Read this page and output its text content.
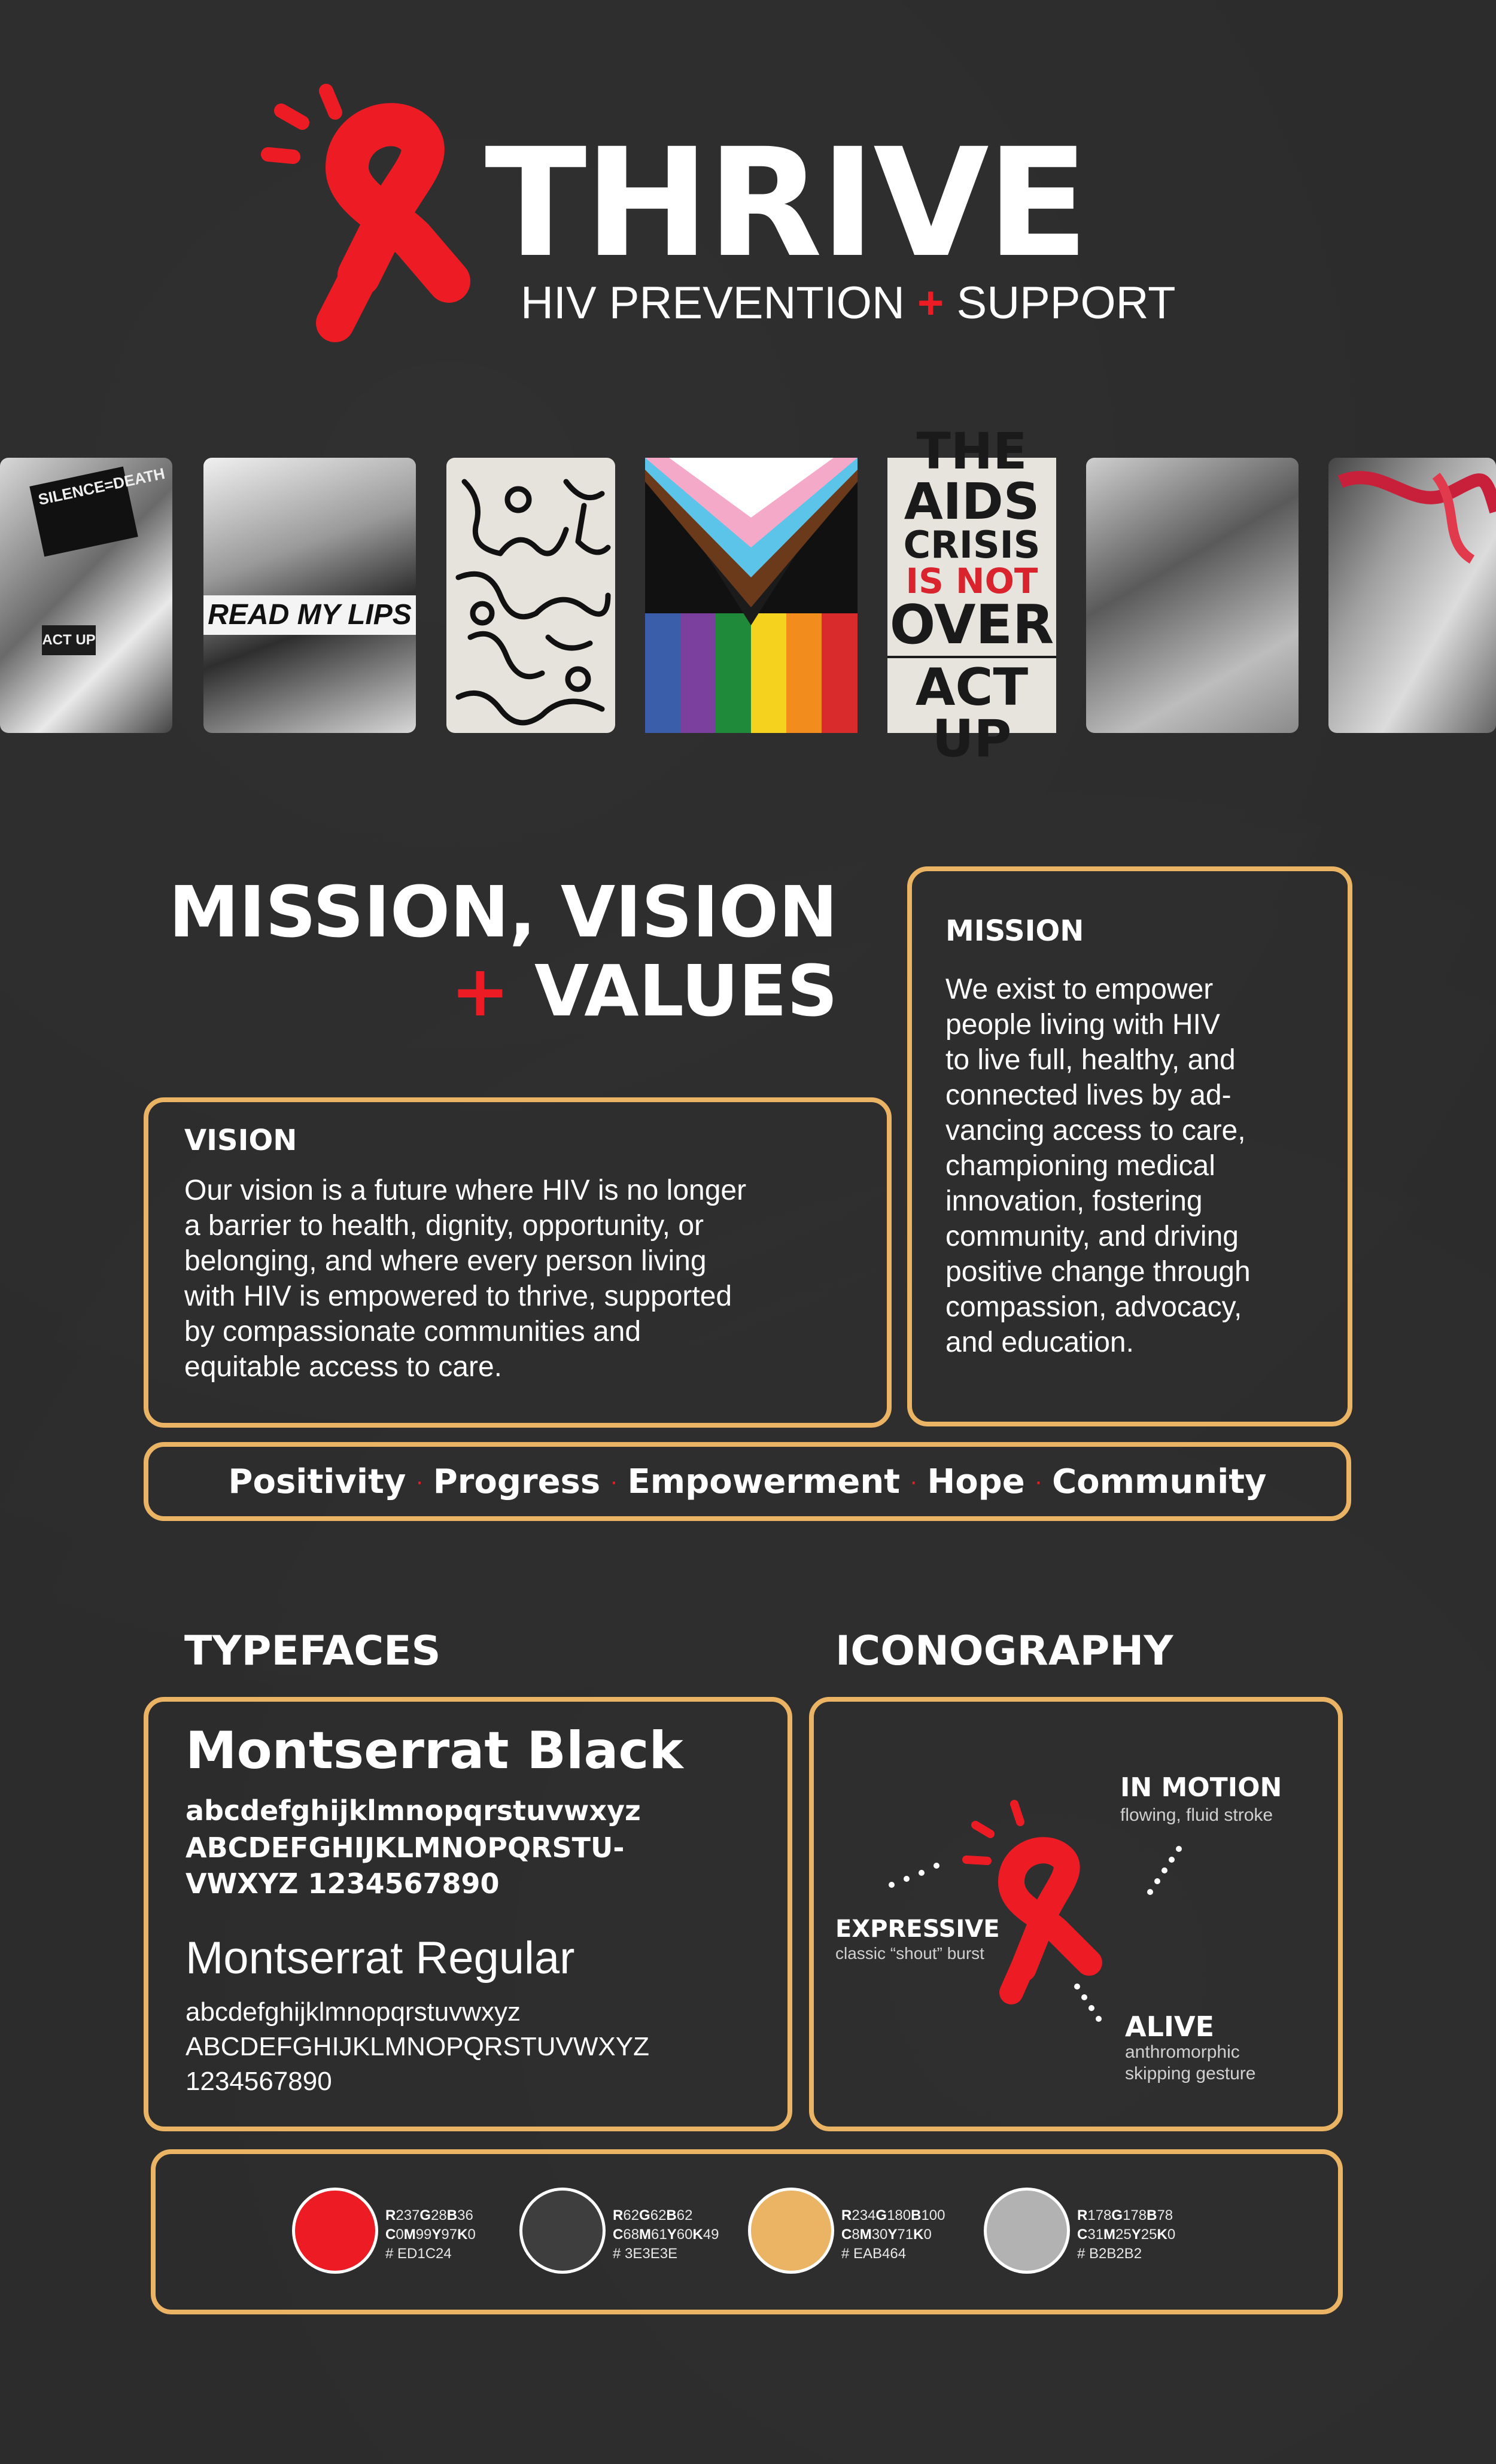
THRIVE
HIV PREVENTION + SUPPORT
SILENCE=DEATH
ACT UP
READ MY LIPS
THE
AIDS
CRISIS
IS NOT
OVER
ACT UP
MISSION, VISION
+ VALUES
MISSION
We exist to empower
people living with HIV
to live full, healthy, and
connected lives by ad-
vancing access to care,
championing medical
innovation, fostering
community, and driving
positive change through
compassion, advocacy,
and education.
VISION
Our vision is a future where HIV is no longer
a barrier to health, dignity, opportunity, or
belonging, and where every person living
with HIV is empowered to thrive, supported
by compassionate communities and
equitable access to care.
Positivity · Progress · Empowerment · Hope · Community
TYPEFACES
Montserrat Black
abcdefghijklmnopqrstuvwxyz
ABCDEFGHIJKLMNOPQRSTU-
VWXYZ 1234567890
Montserrat Regular
abcdefghijklmnopqrstuvwxyz
ABCDEFGHIJKLMNOPQRSTUVWXYZ
1234567890
ICONOGRAPHY
IN MOTION
flowing, fluid stroke
EXPRESSIVE
classic “shout” burst
ALIVE
anthromorphic
skipping gesture
R237G28B36
C0M99Y97K0
# ED1C24
R62G62B62
C68M61Y60K49
# 3E3E3E
R234G180B100
C8M30Y71K0
# EAB464
R178G178B78
C31M25Y25K0
# B2B2B2
